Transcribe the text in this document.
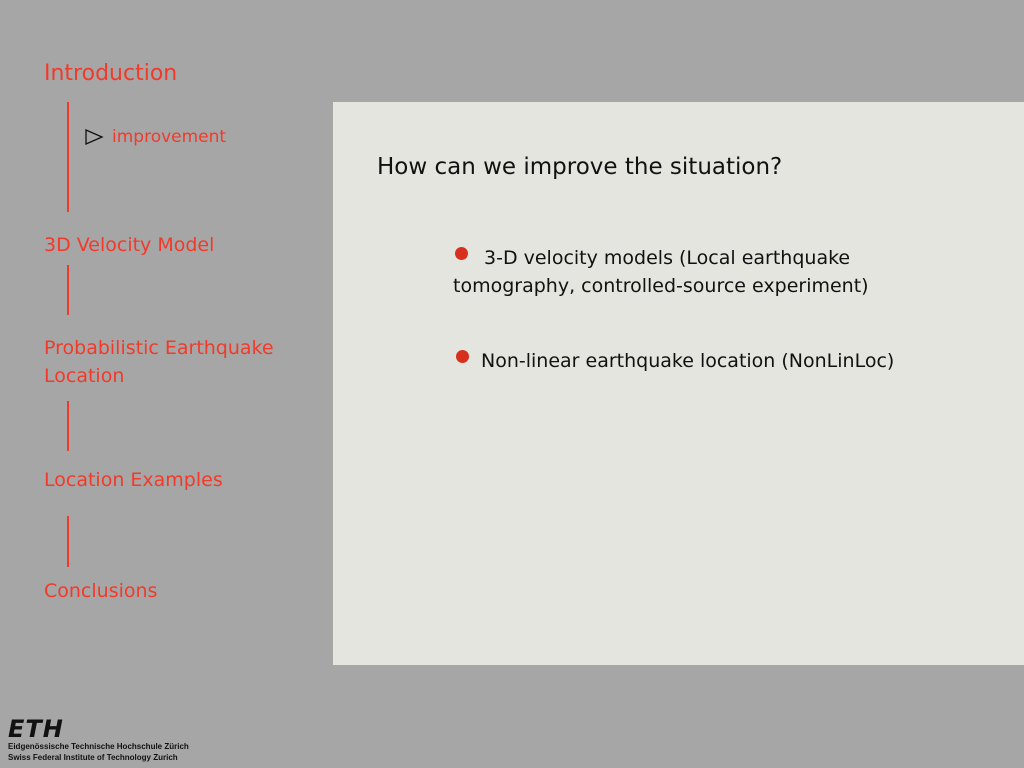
Introduction
improvement
3D Velocity Model
Probabilistic Earthquake
Location
Location Examples
Conclusions
How can we improve the situation?
3-D velocity models (Local earthquake tomography, controlled-source experiment)
Non-linear earthquake location (NonLinLoc)
ETH
Eidgenössische Technische Hochschule Zürich
Swiss Federal Institute of Technology Zurich
